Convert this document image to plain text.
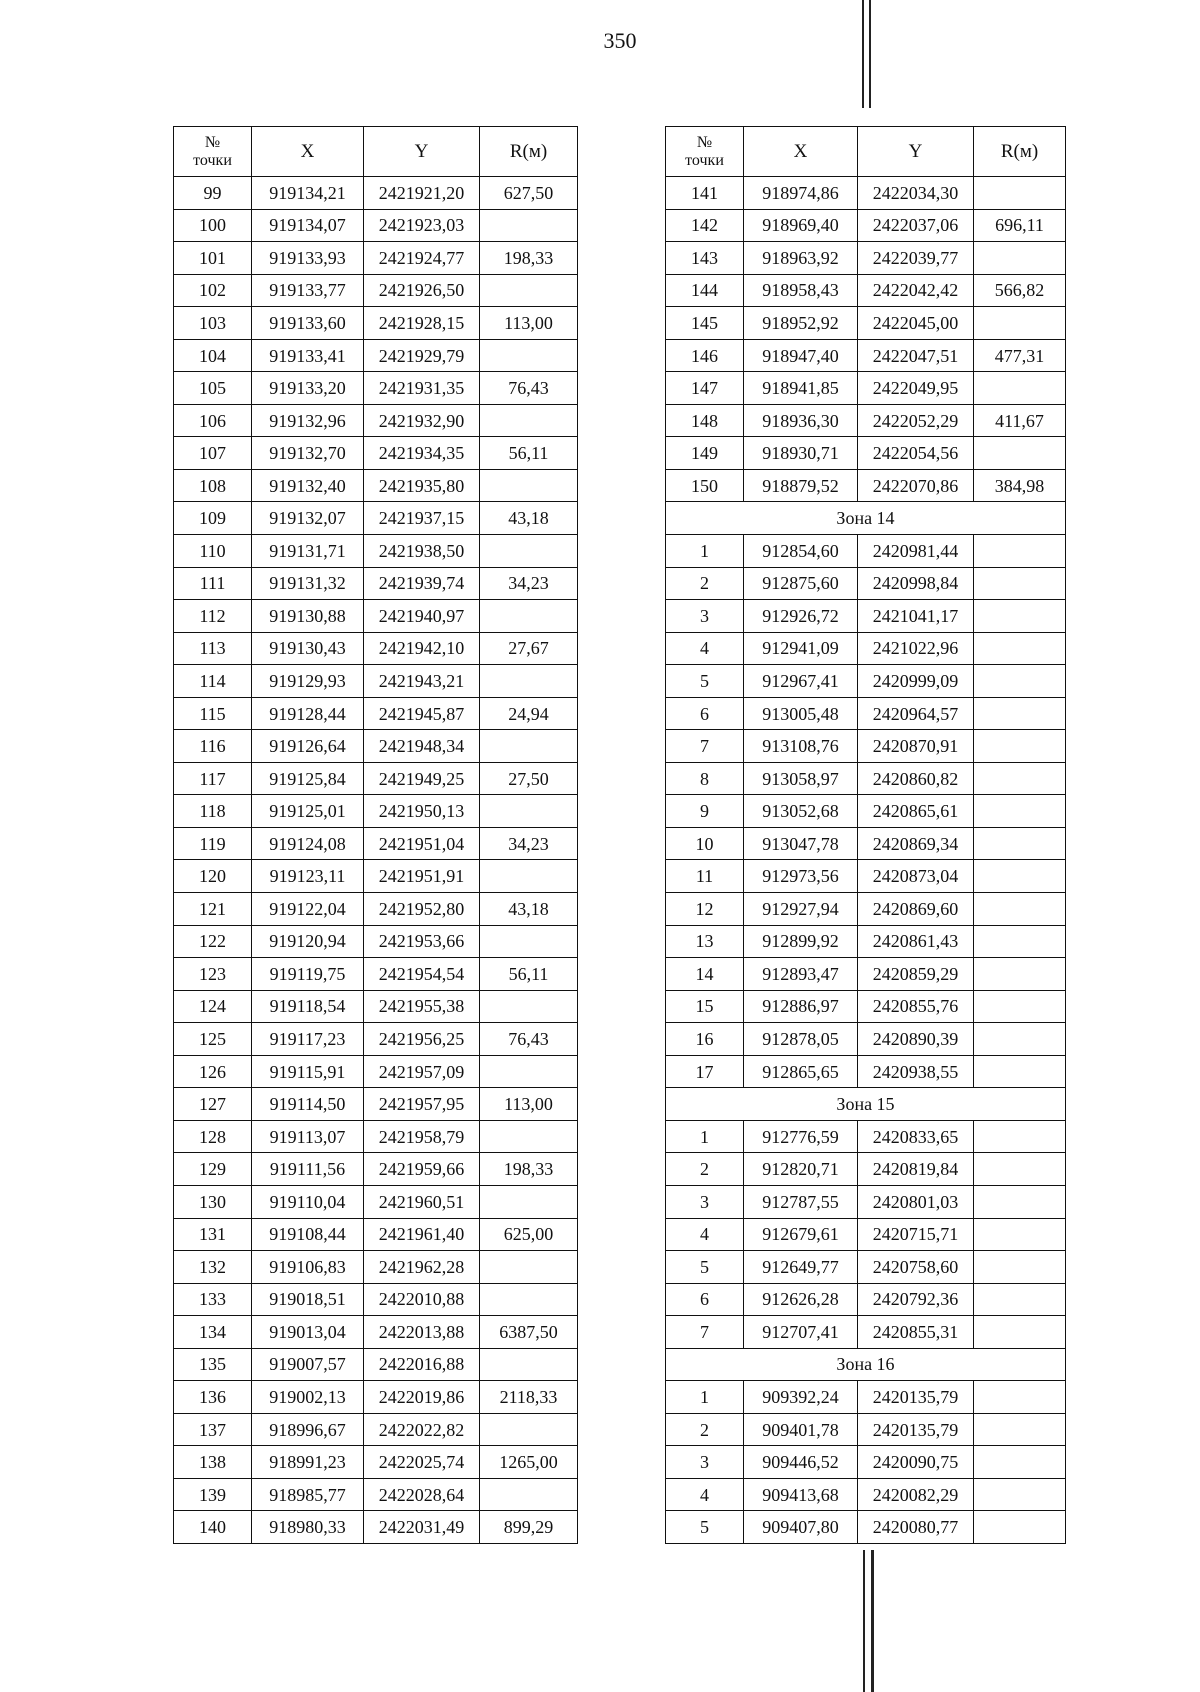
350
№
точки	X	Y	R(м)
99	919134,21	2421921,20	627,50
100	919134,07	2421923,03	
101	919133,93	2421924,77	198,33
102	919133,77	2421926,50	
103	919133,60	2421928,15	113,00
104	919133,41	2421929,79	
105	919133,20	2421931,35	76,43
106	919132,96	2421932,90	
107	919132,70	2421934,35	56,11
108	919132,40	2421935,80	
109	919132,07	2421937,15	43,18
110	919131,71	2421938,50	
111	919131,32	2421939,74	34,23
112	919130,88	2421940,97	
113	919130,43	2421942,10	27,67
114	919129,93	2421943,21	
115	919128,44	2421945,87	24,94
116	919126,64	2421948,34	
117	919125,84	2421949,25	27,50
118	919125,01	2421950,13	
119	919124,08	2421951,04	34,23
120	919123,11	2421951,91	
121	919122,04	2421952,80	43,18
122	919120,94	2421953,66	
123	919119,75	2421954,54	56,11
124	919118,54	2421955,38	
125	919117,23	2421956,25	76,43
126	919115,91	2421957,09	
127	919114,50	2421957,95	113,00
128	919113,07	2421958,79	
129	919111,56	2421959,66	198,33
130	919110,04	2421960,51	
131	919108,44	2421961,40	625,00
132	919106,83	2421962,28	
133	919018,51	2422010,88	
134	919013,04	2422013,88	6387,50
135	919007,57	2422016,88	
136	919002,13	2422019,86	2118,33
137	918996,67	2422022,82	
138	918991,23	2422025,74	1265,00
139	918985,77	2422028,64	
140	918980,33	2422031,49	899,29
№
точки	X	Y	R(м)
141	918974,86	2422034,30	
142	918969,40	2422037,06	696,11
143	918963,92	2422039,77	
144	918958,43	2422042,42	566,82
145	918952,92	2422045,00	
146	918947,40	2422047,51	477,31
147	918941,85	2422049,95	
148	918936,30	2422052,29	411,67
149	918930,71	2422054,56	
150	918879,52	2422070,86	384,98
Зона 14			
1	912854,60	2420981,44	
2	912875,60	2420998,84	
3	912926,72	2421041,17	
4	912941,09	2421022,96	
5	912967,41	2420999,09	
6	913005,48	2420964,57	
7	913108,76	2420870,91	
8	913058,97	2420860,82	
9	913052,68	2420865,61	
10	913047,78	2420869,34	
11	912973,56	2420873,04	
12	912927,94	2420869,60	
13	912899,92	2420861,43	
14	912893,47	2420859,29	
15	912886,97	2420855,76	
16	912878,05	2420890,39	
17	912865,65	2420938,55	
Зона 15			
1	912776,59	2420833,65	
2	912820,71	2420819,84	
3	912787,55	2420801,03	
4	912679,61	2420715,71	
5	912649,77	2420758,60	
6	912626,28	2420792,36	
7	912707,41	2420855,31	
Зона 16			
1	909392,24	2420135,79	
2	909401,78	2420135,79	
3	909446,52	2420090,75	
4	909413,68	2420082,29	
5	909407,80	2420080,77	
